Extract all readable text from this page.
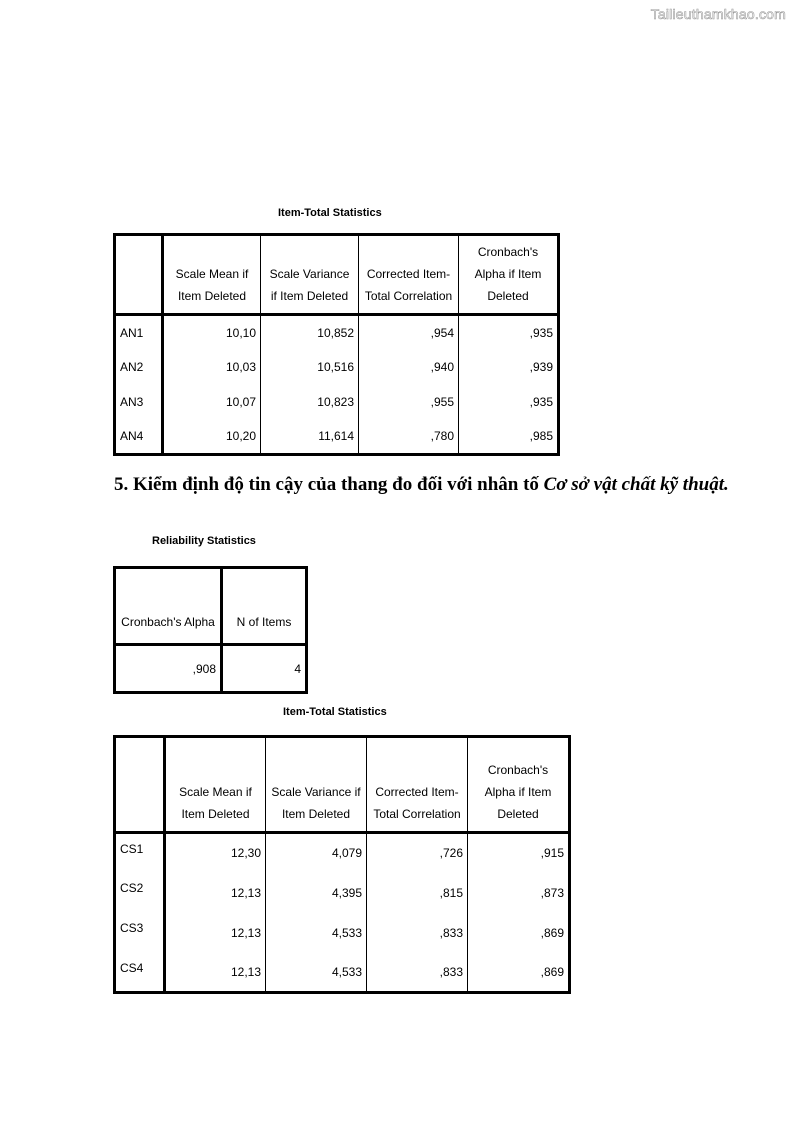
Tailieuthamkhao.com
Item-Total Statistics
	Scale Mean if Item Deleted	Scale Variance if Item Deleted	Corrected Item-Total Correlation	Cronbach's Alpha if Item Deleted
AN1	10,10	10,852	,954	,935
AN2	10,03	10,516	,940	,939
AN3	10,07	10,823	,955	,935
AN4	10,20	11,614	,780	,985
5. Kiểm định độ tin cậy của thang đo đối với nhân tố Cơ sở vật chất kỹ thuật.
Reliability Statistics
Cronbach's Alpha	N of Items
,908	4
Item-Total Statistics
	Scale Mean if Item Deleted	Scale Variance if Item Deleted	Corrected Item-Total Correlation	Cronbach's Alpha if Item Deleted
CS1	12,30	4,079	,726	,915
CS2	12,13	4,395	,815	,873
CS3	12,13	4,533	,833	,869
CS4	12,13	4,533	,833	,869
